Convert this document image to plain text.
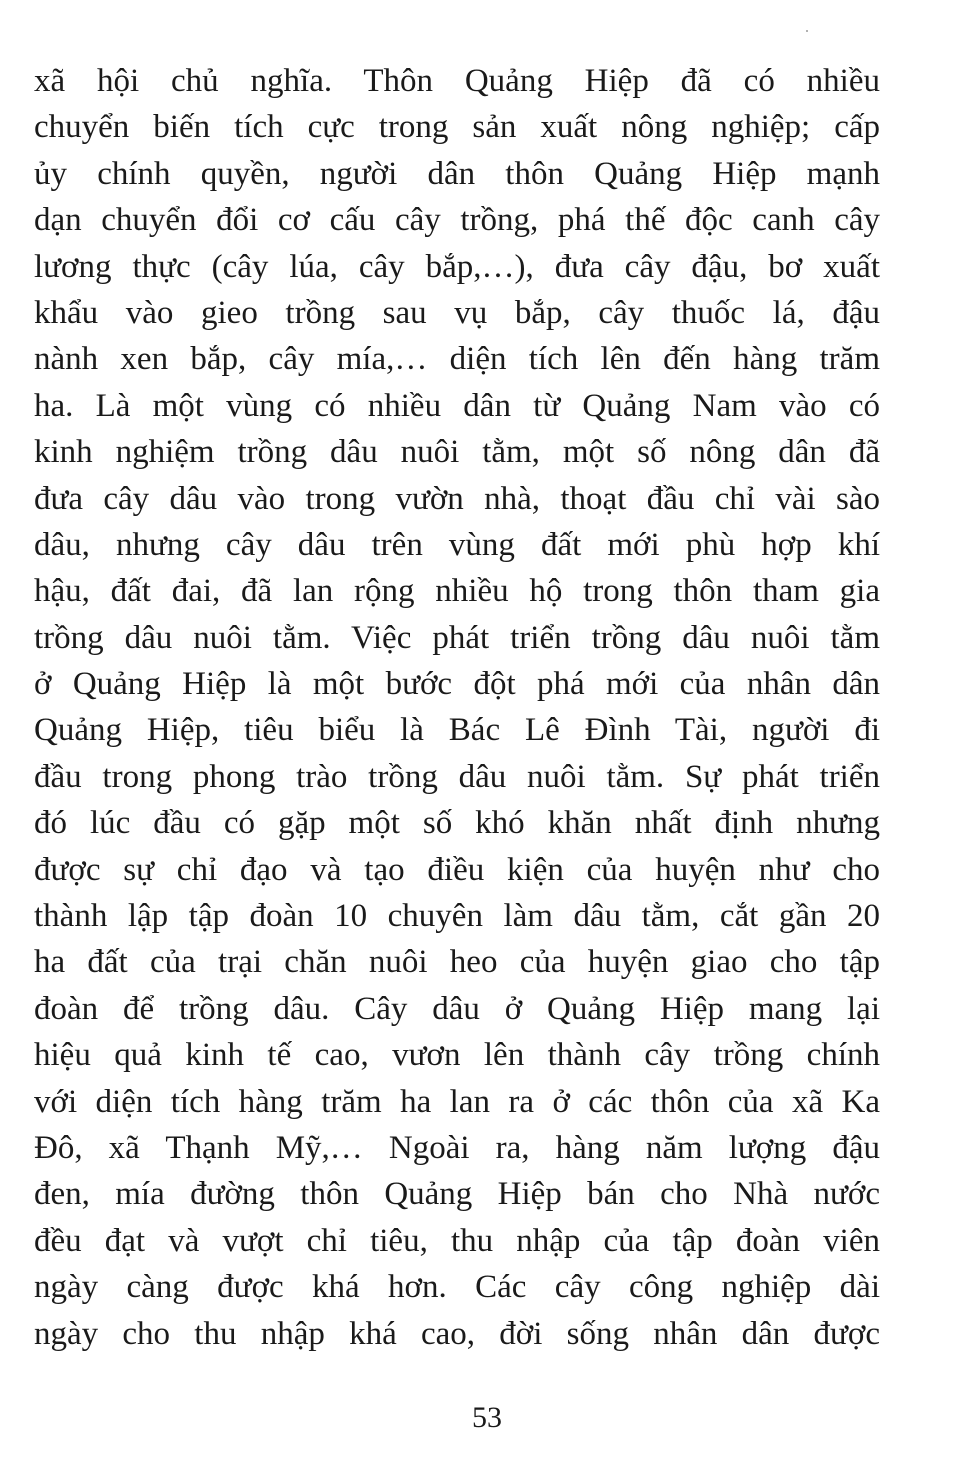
xã hội chủ nghĩa. Thôn Quảng Hiệp đã có nhiều
chuyển biến tích cực trong sản xuất nông nghiệp; cấp
ủy chính quyền, người dân thôn Quảng Hiệp mạnh
dạn chuyển đổi cơ cấu cây trồng, phá thế độc canh cây
lương thực (cây lúa, cây bắp,…), đưa cây đậu, bơ xuất
khẩu vào gieo trồng sau vụ bắp, cây thuốc lá, đậu
nành xen bắp, cây mía,… diện tích lên đến hàng trăm
ha. Là một vùng có nhiều dân từ Quảng Nam vào có
kinh nghiệm trồng dâu nuôi tằm, một số nông dân đã
đưa cây dâu vào trong vườn nhà, thoạt đầu chỉ vài sào
dâu, nhưng cây dâu trên vùng đất mới phù hợp khí
hậu, đất đai, đã lan rộng nhiều hộ trong thôn tham gia
trồng dâu nuôi tằm. Việc phát triển trồng dâu nuôi tằm
ở Quảng Hiệp là một bước đột phá mới của nhân dân
Quảng Hiệp, tiêu biểu là Bác Lê Đình Tài, người đi
đầu trong phong trào trồng dâu nuôi tằm. Sự phát triển
đó lúc đầu có gặp một số khó khăn nhất định nhưng
được sự chỉ đạo và tạo điều kiện của huyện như cho
thành lập tập đoàn 10 chuyên làm dâu tằm, cắt gần 20
ha đất của trại chăn nuôi heo của huyện giao cho tập
đoàn để trồng dâu. Cây dâu ở Quảng Hiệp mang lại
hiệu quả kinh tế cao, vươn lên thành cây trồng chính
với diện tích hàng trăm ha lan ra ở các thôn của xã Ka
Đô, xã Thạnh Mỹ,… Ngoài ra, hàng năm lượng đậu
đen, mía đường thôn Quảng Hiệp bán cho Nhà nước
đều đạt và vượt chỉ tiêu, thu nhập của tập đoàn viên
ngày càng được khá hơn. Các cây công nghiệp dài
ngày cho thu nhập khá cao, đời sống nhân dân được
53
